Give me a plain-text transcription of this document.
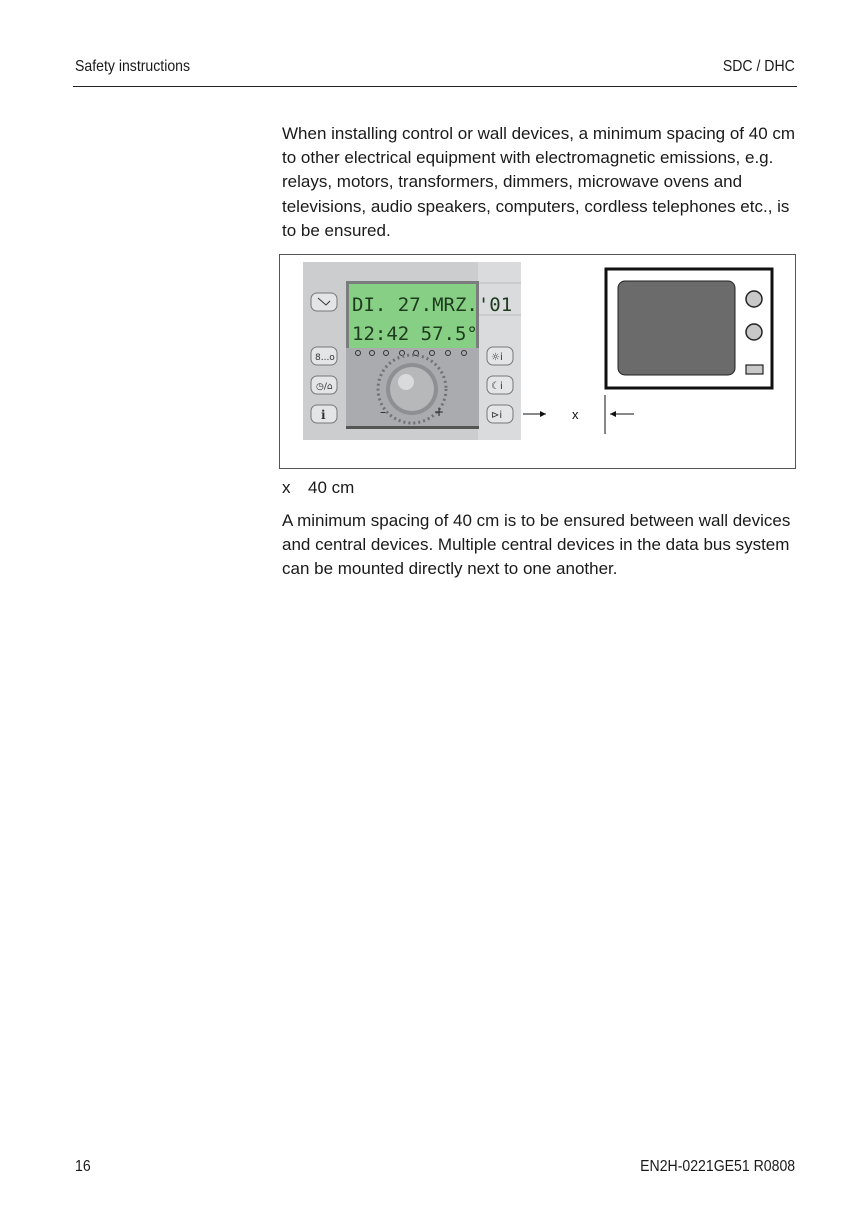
Safety instructions	SDC / DHC

When installing control or wall devices, a minimum spacing of 40 cm to other electrical equipment with electromagnetic emissions, e.g. relays, motors, transformers, dimmers, microwave ovens and televisions, audio speakers, computers, cordless telephones etc., is to be ensured.

DI. 27.MRZ.'01
12:42 57.5°
–	+
8...o
◷/⌂
i
☼i
☾i
⊳i	x
x 40 cm

A minimum spacing of 40 cm is to be ensured between wall devices and central devices. Multiple central devices in the data bus system can be mounted directly next to one another.

16	EN2H-0221GE51 R0808
